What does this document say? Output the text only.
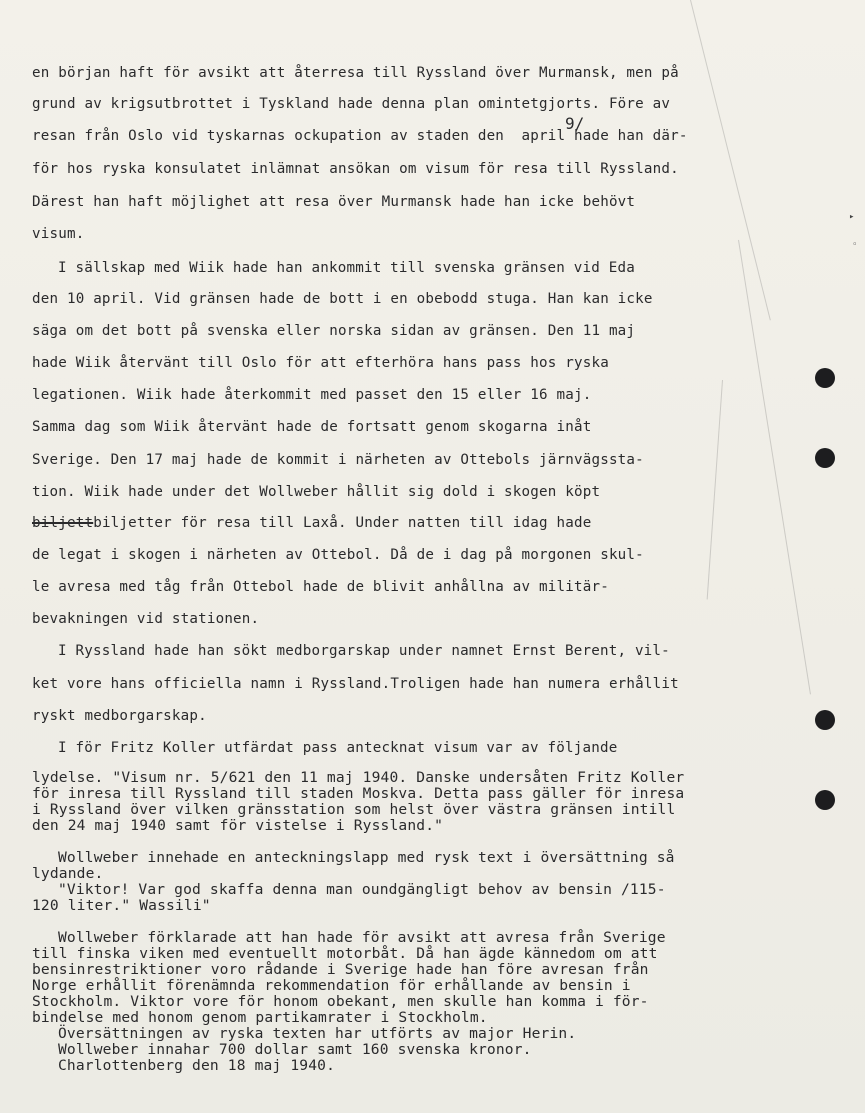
▸
◦
9/
en början haft för avsikt att återresa till Ryssland över Murmansk, men på
grund av krigsutbrottet i Tyskland hade denna plan omintetgjorts. Före av
resan från Oslo vid tyskarnas ockupation av staden den  april hade han där-
för hos ryska konsulatet inlämnat ansökan om visum för resa till Ryssland.
Därest han haft möjlighet att resa över Murmansk hade han icke behövt
visum.
I sällskap med Wiik hade han ankommit till svenska gränsen vid Eda
den 10 april. Vid gränsen hade de bott i en obebodd stuga. Han kan icke
säga om det bott på svenska eller norska sidan av gränsen. Den 11 maj
hade Wiik återvänt till Oslo för att efterhöra hans pass hos ryska
legationen. Wiik hade återkommit med passet den 15 eller 16 maj.
Samma dag som Wiik återvänt hade de fortsatt genom skogarna inåt
Sverige. Den 17 maj hade de kommit i närheten av Ottebols järnvägssta-
tion. Wiik hade under det Wollweber hållit sig dold i skogen köpt
biljettbiljetter för resa till Laxå. Under natten till idag hade
de legat i skogen i närheten av Ottebol. Då de i dag på morgonen skul-
le avresa med tåg från Ottebol hade de blivit anhållna av militär-
bevakningen vid stationen.
I Ryssland hade han sökt medborgarskap under namnet Ernst Berent, vil-
ket vore hans officiella namn i Ryssland.Troligen hade han numera erhållit
ryskt medborgarskap.
I för Fritz Koller utfärdat pass antecknat visum var av följande
lydelse. "Visum nr. 5/621 den 11 maj 1940. Danske undersåten Fritz Koller
för inresa till Ryssland till staden Moskva. Detta pass gäller för inresa
i Ryssland över vilken gränsstation som helst över västra gränsen intill
den 24 maj 1940 samt för vistelse i Ryssland."
Wollweber innehade en anteckningslapp med rysk text i översättning så
lydande.
"Viktor! Var god skaffa denna man oundgängligt behov av bensin /115-
120 liter." Wassili"
Wollweber förklarade att han hade för avsikt att avresa från Sverige
till finska viken med eventuellt motorbåt. Då han ägde kännedom om att
bensinrestriktioner voro rådande i Sverige hade han före avresan från
Norge erhållit förenämnda rekommendation för erhållande av bensin i
Stockholm. Viktor vore för honom obekant, men skulle han komma i för-
bindelse med honom genom partikamrater i Stockholm.
Översättningen av ryska texten har utförts av major Herin.
Wollweber innahar 700 dollar samt 160 svenska kronor.
Charlottenberg den 18 maj 1940.
